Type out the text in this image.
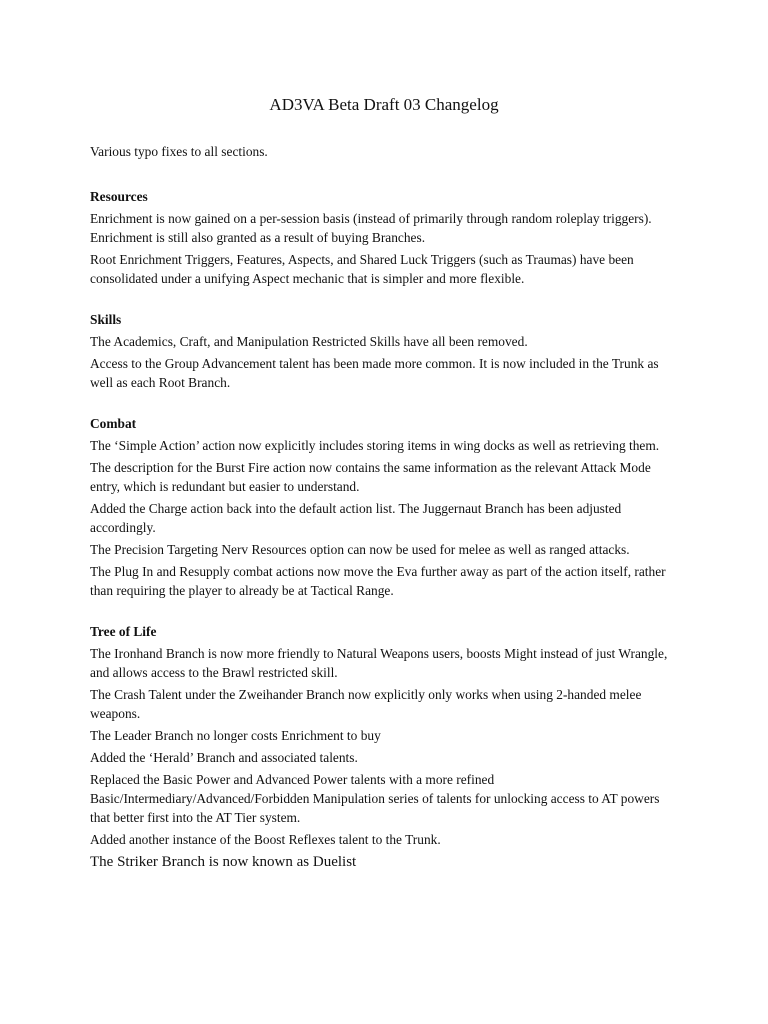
AD3VA Beta Draft 03 Changelog
Various typo fixes to all sections.
Resources
Enrichment is now gained on a per-session basis (instead of primarily through random roleplay triggers). Enrichment is still also granted as a result of buying Branches.
Root Enrichment Triggers, Features, Aspects, and Shared Luck Triggers (such as Traumas) have been consolidated under a unifying Aspect mechanic that is simpler and more flexible.
Skills
The Academics, Craft, and Manipulation Restricted Skills have all been removed.
Access to the Group Advancement talent has been made more common. It is now included in the Trunk as well as each Root Branch.
Combat
The ‘Simple Action’ action now explicitly includes storing items in wing docks as well as retrieving them.
The description for the Burst Fire action now contains the same information as the relevant Attack Mode entry, which is redundant but easier to understand.
Added the Charge action back into the default action list. The Juggernaut Branch has been adjusted accordingly.
The Precision Targeting Nerv Resources option can now be used for melee as well as ranged attacks.
The Plug In and Resupply combat actions now move the Eva further away as part of the action itself, rather than requiring the player to already be at Tactical Range.
Tree of Life
The Ironhand Branch is now more friendly to Natural Weapons users, boosts Might instead of just Wrangle, and allows access to the Brawl restricted skill.
The Crash Talent under the Zweihander Branch now explicitly only works when using 2-handed melee weapons.
The Leader Branch no longer costs Enrichment to buy
Added the ‘Herald’ Branch and associated talents.
Replaced the Basic Power and Advanced Power talents with a more refined Basic/Intermediary/Advanced/Forbidden Manipulation series of talents for unlocking access to AT powers that better first into the AT Tier system.
Added another instance of the Boost Reflexes talent to the Trunk.
The Striker Branch is now known as Duelist
